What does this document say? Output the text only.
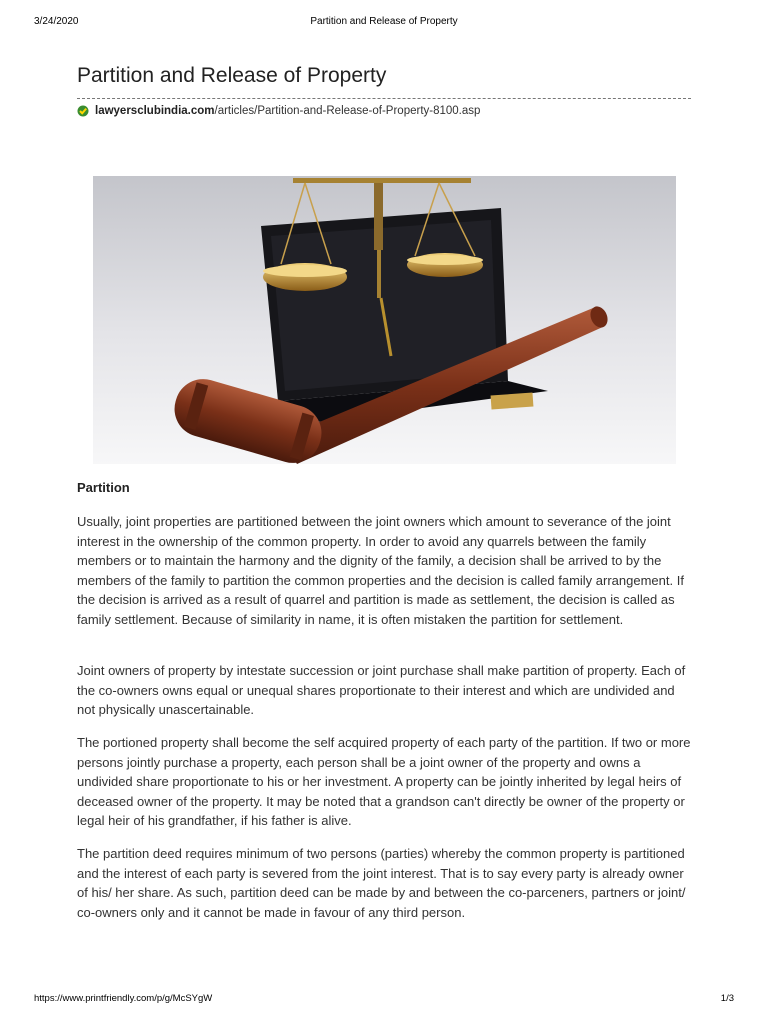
3/24/2020	Partition and Release of Property
Partition and Release of Property
lawyersclubindia.com /articles/Partition-and-Release-of-Property-8100.asp
Partition

Usually, joint properties are partitioned between the joint owners which amount to severance of the joint interest in the ownership of the common property. In order to avoid any quarrels between the family members or to maintain the harmony and the dignity of the family, a decision shall be arrived to by the members of the family to partition the common properties and the decision is called family arrangement. If the decision is arrived as a result of quarrel and partition is made as settlement, the decision is called as family settlement. Because of similarity in name, it is often mistaken the partition for settlement.

Joint owners of property by intestate succession or joint purchase shall make partition of property. Each of the co-owners owns equal or unequal shares proportionate to their interest and which are undivided and not physically unascertainable.

The portioned property shall become the self acquired property of each party of the partition. If two or more persons jointly purchase a property, each person shall be a joint owner of the property and owns a undivided share proportionate to his or her investment. A property can be jointly inherited by legal heirs of deceased owner of the property. It may be noted that a grandson can't directly be owner of the property or legal heir of his grandfather, if his father is alive.

The partition deed requires minimum of two persons (parties) whereby the common property is partitioned and the interest of each party is severed from the joint interest. That is to say every party is already owner of his/ her share. As such, partition deed can be made by and between the co-parceners, partners or joint/ co-owners only and it cannot be made in favour of any third person.

https://www.printfriendly.com/p/g/McSYgW	1/3
